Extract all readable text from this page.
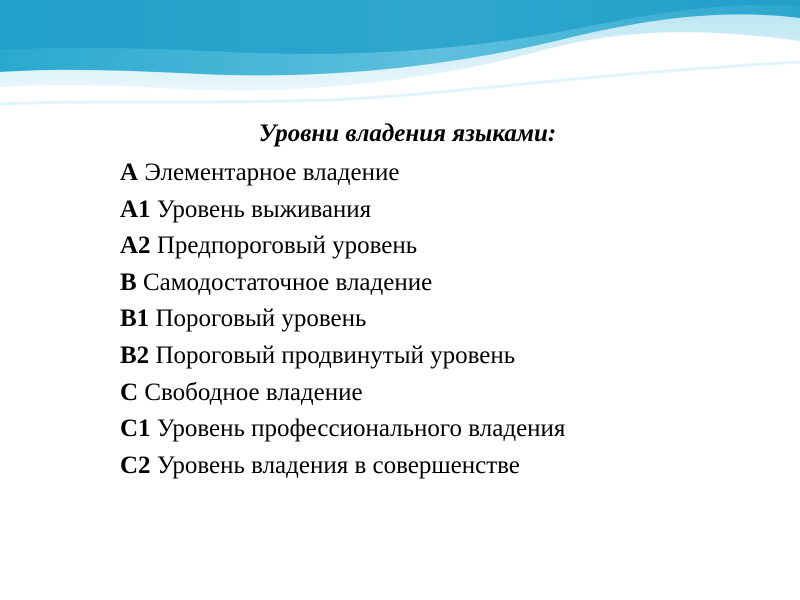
Уровни владения языками:
А Элементарное владение
А1 Уровень выживания
А2 Предпороговый уровень
В Самодостаточное владение
В1 Пороговый уровень
В2 Пороговый продвинутый уровень
С Свободное владение
С1 Уровень профессионального владения
С2 Уровень владения в совершенстве
